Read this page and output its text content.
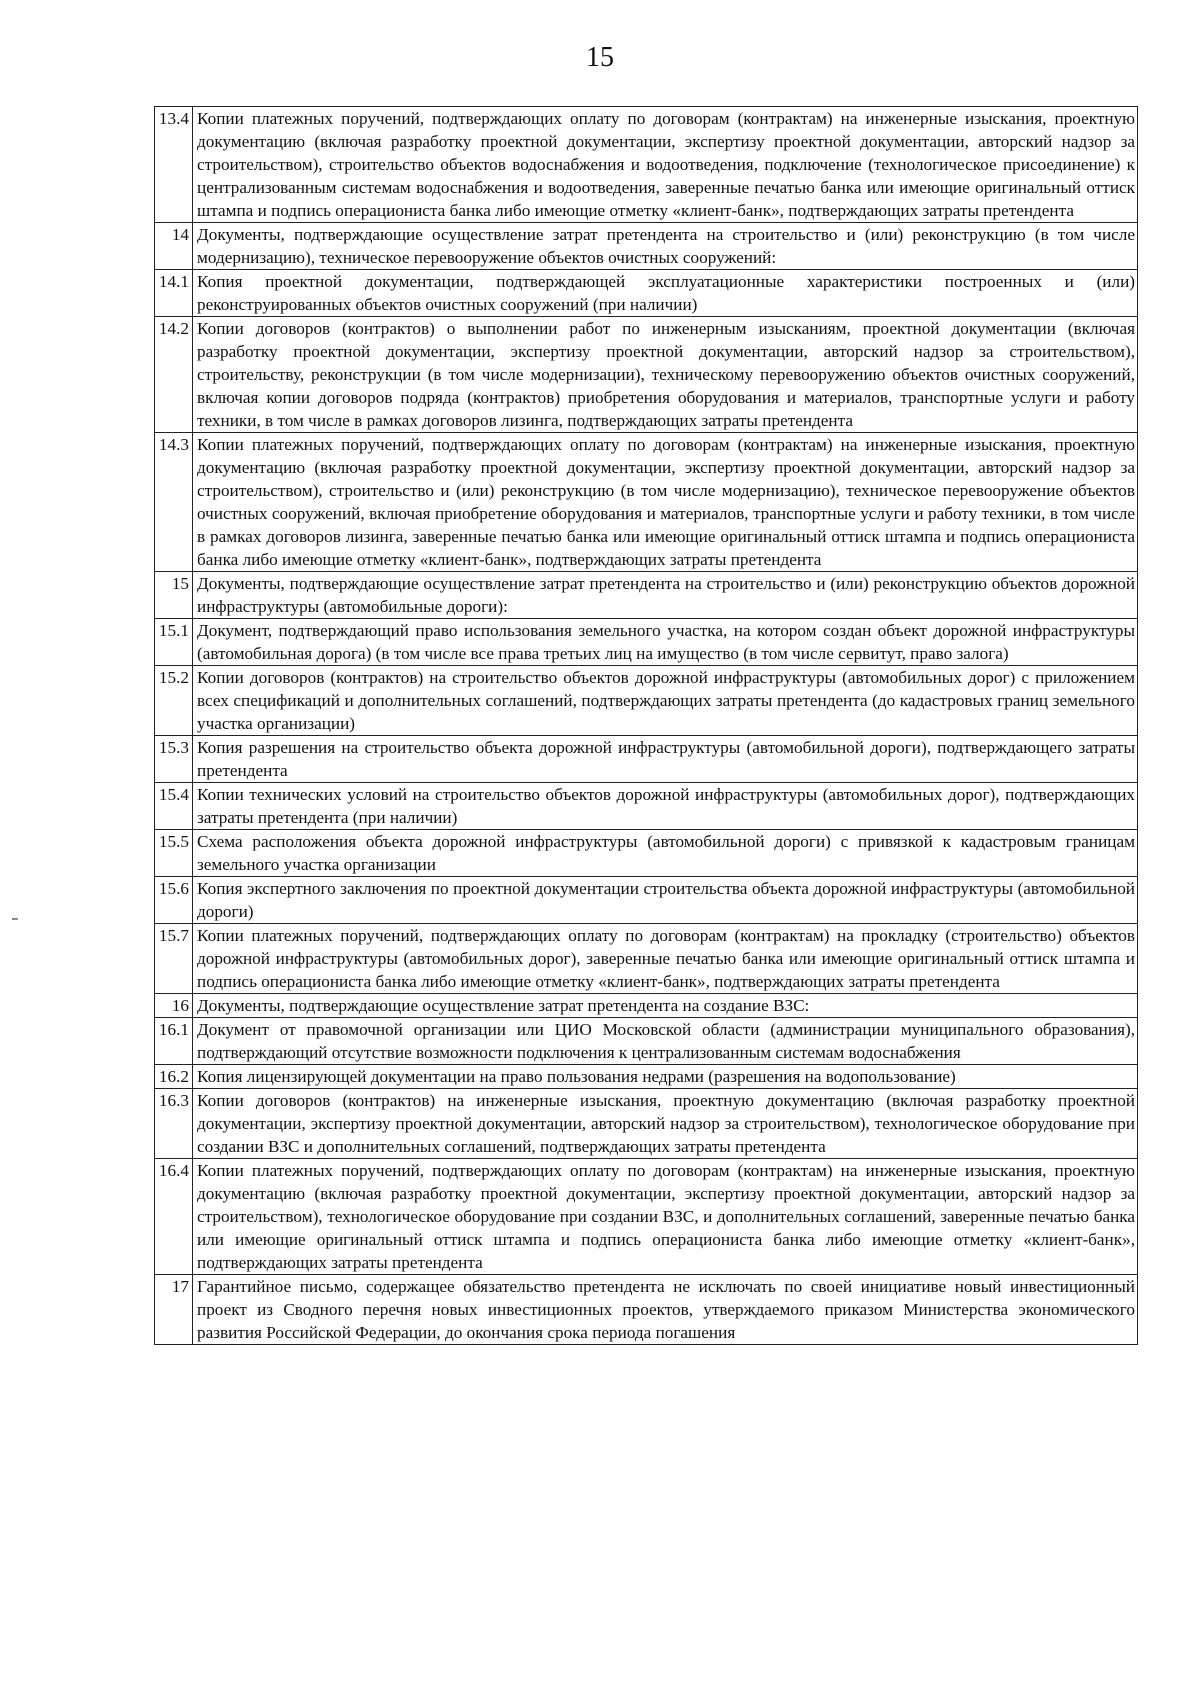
15
13.4	Копии платежных поручений, подтверждающих оплату по договорам (контрактам) на инженерные изыскания, проектную документацию (включая разработку проектной документации, экспертизу проектной документации, авторский надзор за строительством), строительство объектов водоснабжения и водоотведения, подключение (технологическое присоединение) к централизованным системам водоснабжения и водоотведения, заверенные печатью банка или имеющие оригинальный оттиск штампа и подпись операциониста банка либо имеющие отметку «клиент-банк», подтверждающих затраты претендента
14	Документы, подтверждающие осуществление затрат претендента на строительство и (или) реконструкцию (в том числе модернизацию), техническое перевооружение объектов очистных сооружений:
14.1	Копия проектной документации, подтверждающей эксплуатационные характеристики построенных и (или) реконструированных объектов очистных сооружений (при наличии)
14.2	Копии договоров (контрактов) о выполнении работ по инженерным изысканиям, проектной документации (включая разработку проектной документации, экспертизу проектной документации, авторский надзор за строительством), строительству, реконструкции (в том числе модернизации), техническому перевооружению объектов очистных сооружений, включая копии договоров подряда (контрактов) приобретения оборудования и материалов, транспортные услуги и работу техники, в том числе в рамках договоров лизинга, подтверждающих затраты претендента
14.3	Копии платежных поручений, подтверждающих оплату по договорам (контрактам) на инженерные изыскания, проектную документацию (включая разработку проектной документации, экспертизу проектной документации, авторский надзор за строительством), строительство и (или) реконструкцию (в том числе модернизацию), техническое перевооружение объектов очистных сооружений, включая приобретение оборудования и материалов, транспортные услуги и работу техники, в том числе в рамках договоров лизинга, заверенные печатью банка или имеющие оригинальный оттиск штампа и подпись операциониста банка либо имеющие отметку «клиент-банк», подтверждающих затраты претендента
15	Документы, подтверждающие осуществление затрат претендента на строительство и (или) реконструкцию объектов дорожной инфраструктуры (автомобильные дороги):
15.1	Документ, подтверждающий право использования земельного участка, на котором создан объект дорожной инфраструктуры (автомобильная дорога) (в том числе все права третьих лиц на имущество (в том числе сервитут, право залога)
15.2	Копии договоров (контрактов) на строительство объектов дорожной инфраструктуры (автомобильных дорог) с приложением всех спецификаций и дополнительных соглашений, подтверждающих затраты претендента (до кадастровых границ земельного участка организации)
15.3	Копия разрешения на строительство объекта дорожной инфраструктуры (автомобильной дороги), подтверждающего затраты претендента
15.4	Копии технических условий на строительство объектов дорожной инфраструктуры (автомобильных дорог), подтверждающих затраты претендента (при наличии)
15.5	Схема расположения объекта дорожной инфраструктуры (автомобильной дороги) с привязкой к кадастровым границам земельного участка организации
15.6	Копия экспертного заключения по проектной документации строительства объекта дорожной инфраструктуры (автомобильной дороги)
15.7	Копии платежных поручений, подтверждающих оплату по договорам (контрактам) на прокладку (строительство) объектов дорожной инфраструктуры (автомобильных дорог), заверенные печатью банка или имеющие оригинальный оттиск штампа и подпись операциониста банка либо имеющие отметку «клиент-банк», подтверждающих затраты претендента
16	Документы, подтверждающие осуществление затрат претендента на создание ВЗС:
16.1	Документ от правомочной организации или ЦИО Московской области (администрации муниципального образования), подтверждающий отсутствие возможности подключения к централизованным системам водоснабжения
16.2	Копия лицензирующей документации на право пользования недрами (разрешения на водопользование)
16.3	Копии договоров (контрактов) на инженерные изыскания, проектную документацию (включая разработку проектной документации, экспертизу проектной документации, авторский надзор за строительством), технологическое оборудование при создании ВЗС и дополнительных соглашений, подтверждающих затраты претендента
16.4	Копии платежных поручений, подтверждающих оплату по договорам (контрактам) на инженерные изыскания, проектную документацию (включая разработку проектной документации, экспертизу проектной документации, авторский надзор за строительством), технологическое оборудование при создании ВЗС, и дополнительных соглашений, заверенные печатью банка или имеющие оригинальный оттиск штампа и подпись операциониста банка либо имеющие отметку «клиент-банк», подтверждающих затраты претендента
17	Гарантийное письмо, содержащее обязательство претендента не исключать по своей инициативе новый инвестиционный проект из Сводного перечня новых инвестиционных проектов, утверждаемого приказом Министерства экономического развития Российской Федерации, до окончания срока периода погашения
